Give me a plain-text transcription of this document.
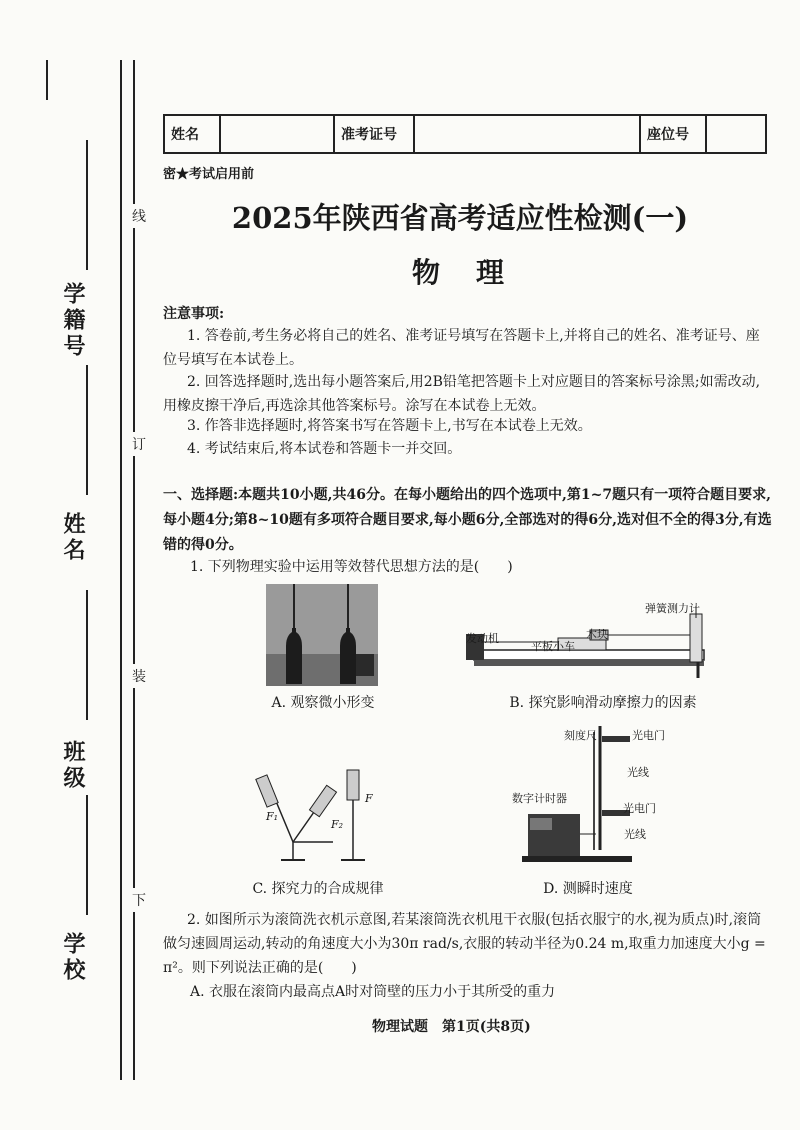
学籍号
姓名
班级
学校
线
订
装
下
姓名		准考证号		座位号	
密★考试启用前
2025年陕西省高考适应性检测(一)
物　理
注意事项:
1. 答卷前,考生务必将自己的姓名、准考证号填写在答题卡上,并将自己的姓名、准考证号、座位号填写在本试卷上。
2. 回答选择题时,选出每小题答案后,用2B铅笔把答题卡上对应题目的答案标号涂黑;如需改动,用橡皮擦干净后,再选涂其他答案标号。涂写在本试卷上无效。
3. 作答非选择题时,将答案书写在答题卡上,书写在本试卷上无效。
4. 考试结束后,将本试卷和答题卡一并交回。
一、选择题:本题共10小题,共46分。在每小题给出的四个选项中,第1~7题只有一项符合题目要求,每小题4分;第8~10题有多项符合题目要求,每小题6分,全部选对的得6分,选对但不全的得3分,有选错的得0分。
1. 下列物理实验中运用等效替代思想方法的是(　　)
A. 观察微小形变
弹簧测力计
发动机
平板小车
木块
B. 探究影响滑动摩擦力的因素
F₁
F₂
F
C. 探究力的合成规律
刻度尺	光电门
光线
数字计时器
光电门
光线
D. 测瞬时速度
2. 如图所示为滚筒洗衣机示意图,若某滚筒洗衣机甩干衣服(包括衣服宁的水,视为质点)时,滚筒做匀速圆周运动,转动的角速度大小为30π rad/s,衣服的转动半径为0.24 m,取重力加速度大小g = π²。则下列说法正确的是(　　)
A. 衣服在滚筒内最高点A时对筒壁的压力小于其所受的重力
物理试题　第1页(共8页)
